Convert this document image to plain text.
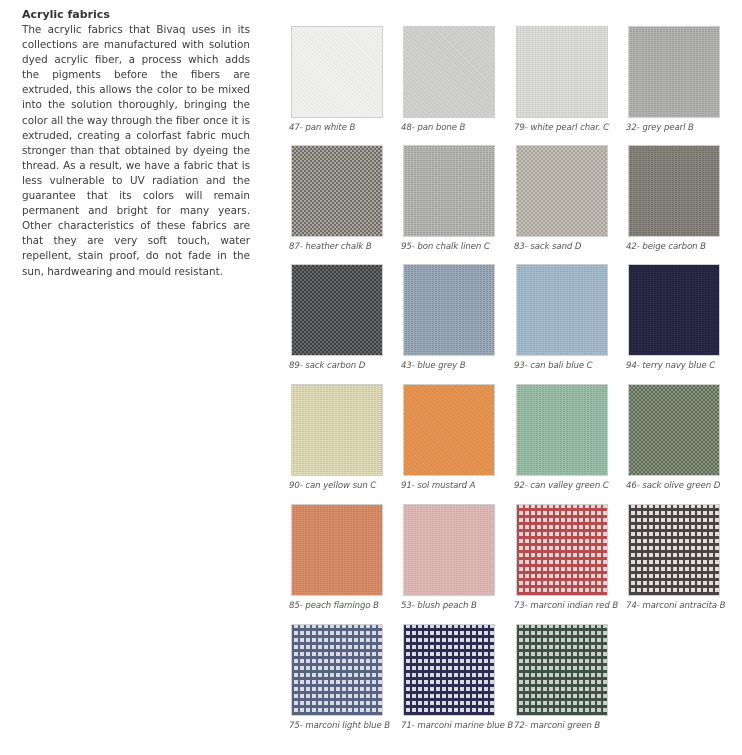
Acrylic fabrics

The acrylic fabrics that Bivaq uses in its collections are manufactured with solution dyed acrylic fiber, a process which adds the pigments before the fibers are extruded, this allows the color to be mixed into the solution thoroughly, bringing the color all the way through the fiber once it is extruded, creating a colorfast fabric much stronger than that obtained by dyeing the thread. As a result, we have a fabric that is less vulnerable to UV radiation and the guarantee that its colors will remain permanent and bright for many years. Other characteristics of these fabrics are that they are very soft touch, water repellent, stain proof, do not fade in the sun, hardwearing and mould resistant.

47- pan white B	48- pan bone B	79- white pearl char. C	32- grey pearl B
87- heather chalk B	95- bon chalk linen C	83- sack sand D	42- beige carbon B
89- sack carbon D	43- blue grey B	93- can bali blue C	94- terry navy blue C
90- can yellow sun C	91- sol mustard A	92- can valley green C	46- sack olive green D
85- peach flamingo B	53- blush peach B	73- marconi indian red B 74- marconi antracita B
75- marconi light blue B	71- marconi marine blue B 72- marconi green B
